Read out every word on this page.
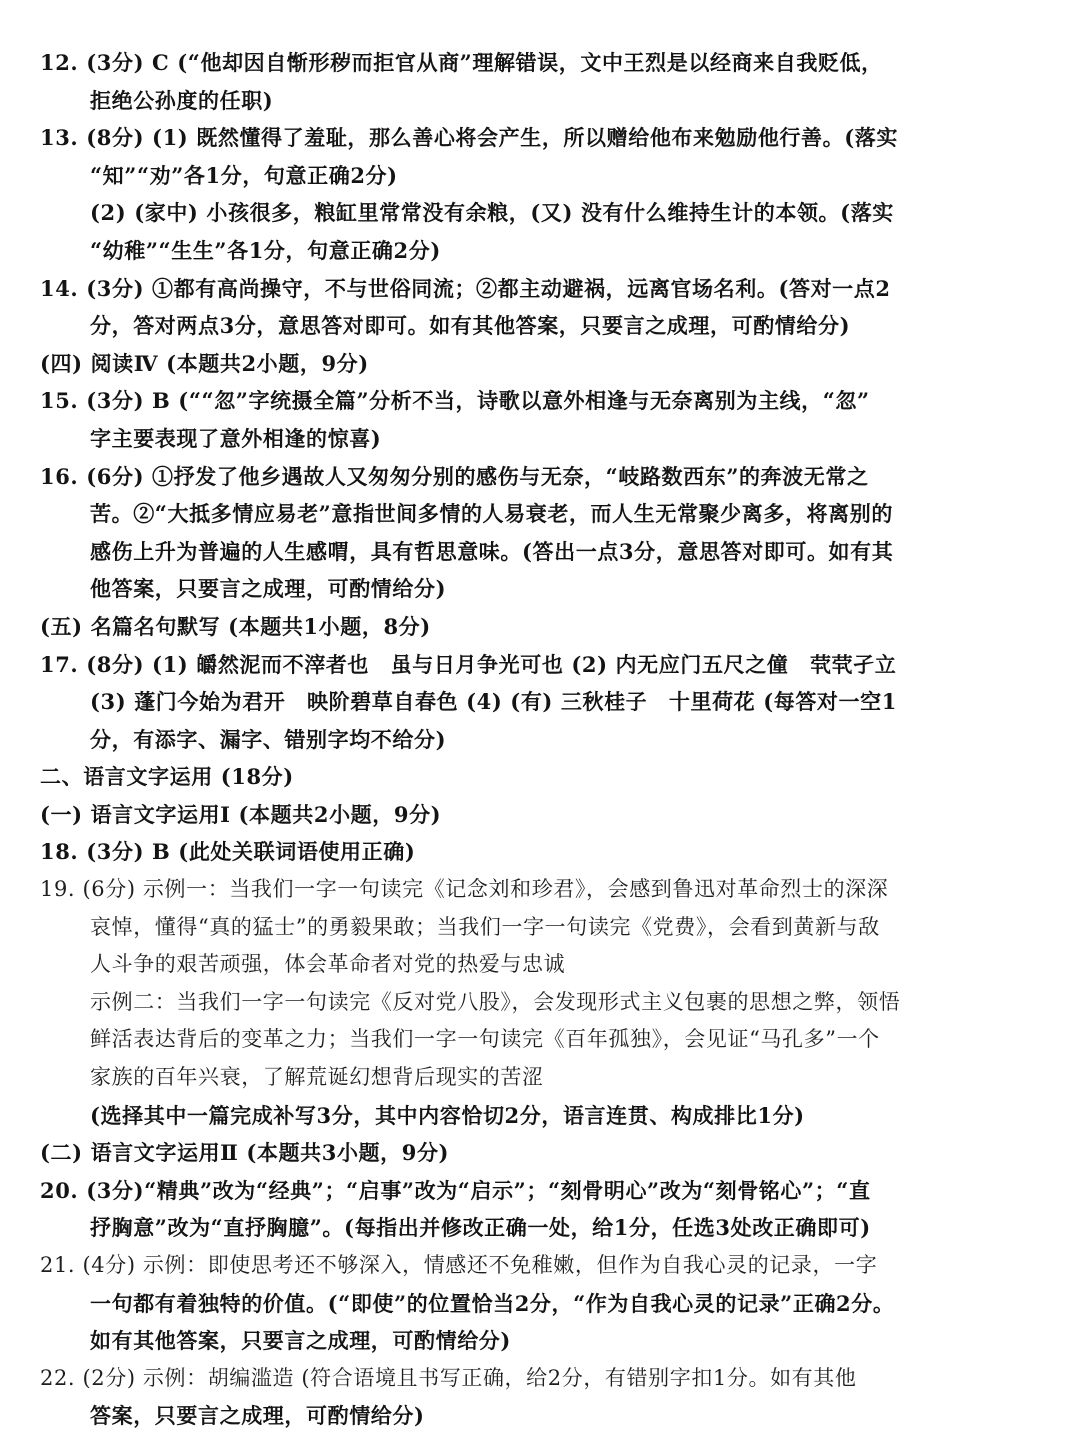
12. (3分) C (“他却因自惭形秽而拒官从商”理解错误，文中王烈是以经商来自我贬低，
拒绝公孙度的任职)
13. (8分) (1) 既然懂得了羞耻，那么善心将会产生，所以赠给他布来勉励他行善。(落实
“知”“劝”各1分，句意正确2分)
(2) (家中) 小孩很多，粮缸里常常没有余粮，(又) 没有什么维持生计的本领。(落实
“幼稚”“生生”各1分，句意正确2分)
14. (3分) ①都有高尚操守，不与世俗同流；②都主动避祸，远离官场名利。(答对一点2
分，答对两点3分，意思答对即可。如有其他答案，只要言之成理，可酌情给分)
(四) 阅读Ⅳ (本题共2小题，9分)
15. (3分) B (““忽”字统摄全篇”分析不当，诗歌以意外相逢与无奈离别为主线，“忽”
字主要表现了意外相逢的惊喜)
16. (6分) ①抒发了他乡遇故人又匆匆分别的感伤与无奈，“岐路数西东”的奔波无常之
苦。②“大抵多情应易老”意指世间多情的人易衰老，而人生无常聚少离多，将离别的
感伤上升为普遍的人生感喟，具有哲思意味。(答出一点3分，意思答对即可。如有其
他答案，只要言之成理，可酌情给分)
(五) 名篇名句默写 (本题共1小题，8分)
17. (8分) (1) 皭然泥而不滓者也　虽与日月争光可也 (2) 内无应门五尺之僮　茕茕孑立
(3) 蓬门今始为君开　映阶碧草自春色 (4) (有) 三秋桂子　十里荷花 (每答对一空1
分，有添字、漏字、错别字均不给分)
二、语言文字运用 (18分)
(一) 语言文字运用Ⅰ (本题共2小题，9分)
18. (3分) B (此处关联词语使用正确)
19. (6分) 示例一：当我们一字一句读完《记念刘和珍君》，会感到鲁迅对革命烈士的深深
哀悼，懂得“真的猛士”的勇毅果敢；当我们一字一句读完《党费》，会看到黄新与敌
人斗争的艰苦顽强，体会革命者对党的热爱与忠诚
示例二：当我们一字一句读完《反对党八股》，会发现形式主义包裹的思想之弊，领悟
鲜活表达背后的变革之力；当我们一字一句读完《百年孤独》，会见证“马孔多”一个
家族的百年兴衰，了解荒诞幻想背后现实的苦涩
(选择其中一篇完成补写3分，其中内容恰切2分，语言连贯、构成排比1分)
(二) 语言文字运用Ⅱ (本题共3小题，9分)
20. (3分)“精典”改为“经典”；“启事”改为“启示”；“刻骨明心”改为“刻骨铭心”；“直
抒胸意”改为“直抒胸臆”。(每指出并修改正确一处，给1分，任选3处改正确即可)
21. (4分) 示例：即使思考还不够深入，情感还不免稚嫩，但作为自我心灵的记录，一字
一句都有着独特的价值。(“即使”的位置恰当2分，“作为自我心灵的记录”正确2分。
如有其他答案，只要言之成理，可酌情给分)
22. (2分) 示例：胡编滥造 (符合语境且书写正确，给2分，有错别字扣1分。如有其他
答案，只要言之成理，可酌情给分)
